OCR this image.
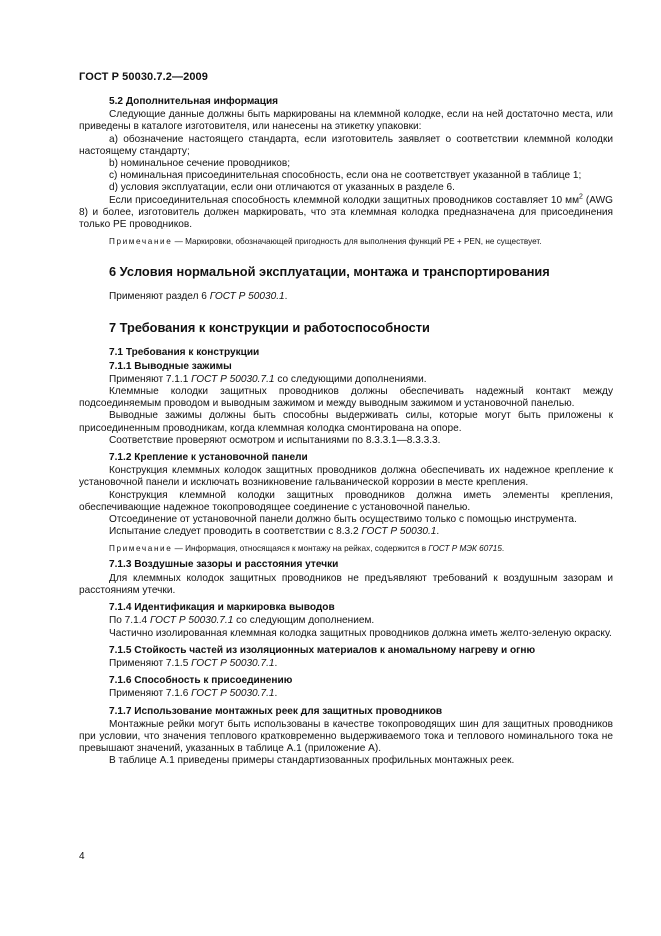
ГОСТ Р 50030.7.2—2009
5.2 Дополнительная информация
Следующие данные должны быть маркированы на клеммной колодке, если на ней достаточно места, или приведены в каталоге изготовителя, или нанесены на этикетку упаковки:
a) обозначение настоящего стандарта, если изготовитель заявляет о соответствии клеммной колодки настоящему стандарту;
b) номинальное сечение проводников;
c) номинальная присоединительная способность, если она не соответствует указанной в таблице 1;
d) условия эксплуатации, если они отличаются от указанных в разделе 6.
Если присоединительная способность клеммной колодки защитных проводников составляет 10 $мм^2$ (AWG 8) и более, изготовитель должен маркировать, что эта клеммная колодка предназначена для присоединения только РЕ проводников.
Примечание — Маркировки, обозначающей пригодность для выполнения функций PE + PEN, не существует.
6 Условия нормальной эксплуатации, монтажа и транспортирования
Применяют раздел 6 ГОСТ Р 50030.1.
7 Требования к конструкции и работоспособности
7.1 Требования к конструкции
7.1.1 Выводные зажимы
Применяют 7.1.1 ГОСТ Р 50030.7.1 со следующими дополнениями.
Клеммные колодки защитных проводников должны обеспечивать надежный контакт между подсоединяемым проводом и выводным зажимом и между выводным зажимом и установочной панелью.
Выводные зажимы должны быть способны выдерживать силы, которые могут быть приложены к присоединенным проводникам, когда клеммная колодка смонтирована на опоре.
Соответствие проверяют осмотром и испытаниями по 8.3.3.1—8.3.3.3.
7.1.2 Крепление к установочной панели
Конструкция клеммных колодок защитных проводников должна обеспечивать их надежное крепление к установочной панели и исключать возникновение гальванической коррозии в месте крепления.
Конструкция клеммной колодки защитных проводников должна иметь элементы крепления, обеспечивающие надежное токопроводящее соединение с установочной панелью.
Отсоединение от установочной панели должно быть осуществимо только с помощью инструмента.
Испытание следует проводить в соответствии с 8.3.2 ГОСТ Р 50030.1.
Примечание — Информация, относящаяся к монтажу на рейках, содержится в ГОСТ Р МЭК 60715.
7.1.3 Воздушные зазоры и расстояния утечки
Для клеммных колодок защитных проводников не предъявляют требований к воздушным зазорам и расстояниям утечки.
7.1.4 Идентификация и маркировка выводов
По 7.1.4 ГОСТ Р 50030.7.1 со следующим дополнением.
Частично изолированная клеммная колодка защитных проводников должна иметь желто-зеленую окраску.
7.1.5 Стойкость частей из изоляционных материалов к аномальному нагреву и огню
Применяют 7.1.5 ГОСТ Р 50030.7.1.
7.1.6 Способность к присоединению
Применяют 7.1.6 ГОСТ Р 50030.7.1.
7.1.7 Использование монтажных реек для защитных проводников
Монтажные рейки могут быть использованы в качестве токопроводящих шин для защитных проводников при условии, что значения теплового кратковременно выдерживаемого тока и теплового номинального тока не превышают значений, указанных в таблице А.1 (приложение А).
В таблице А.1 приведены примеры стандартизованных профильных монтажных реек.
4
